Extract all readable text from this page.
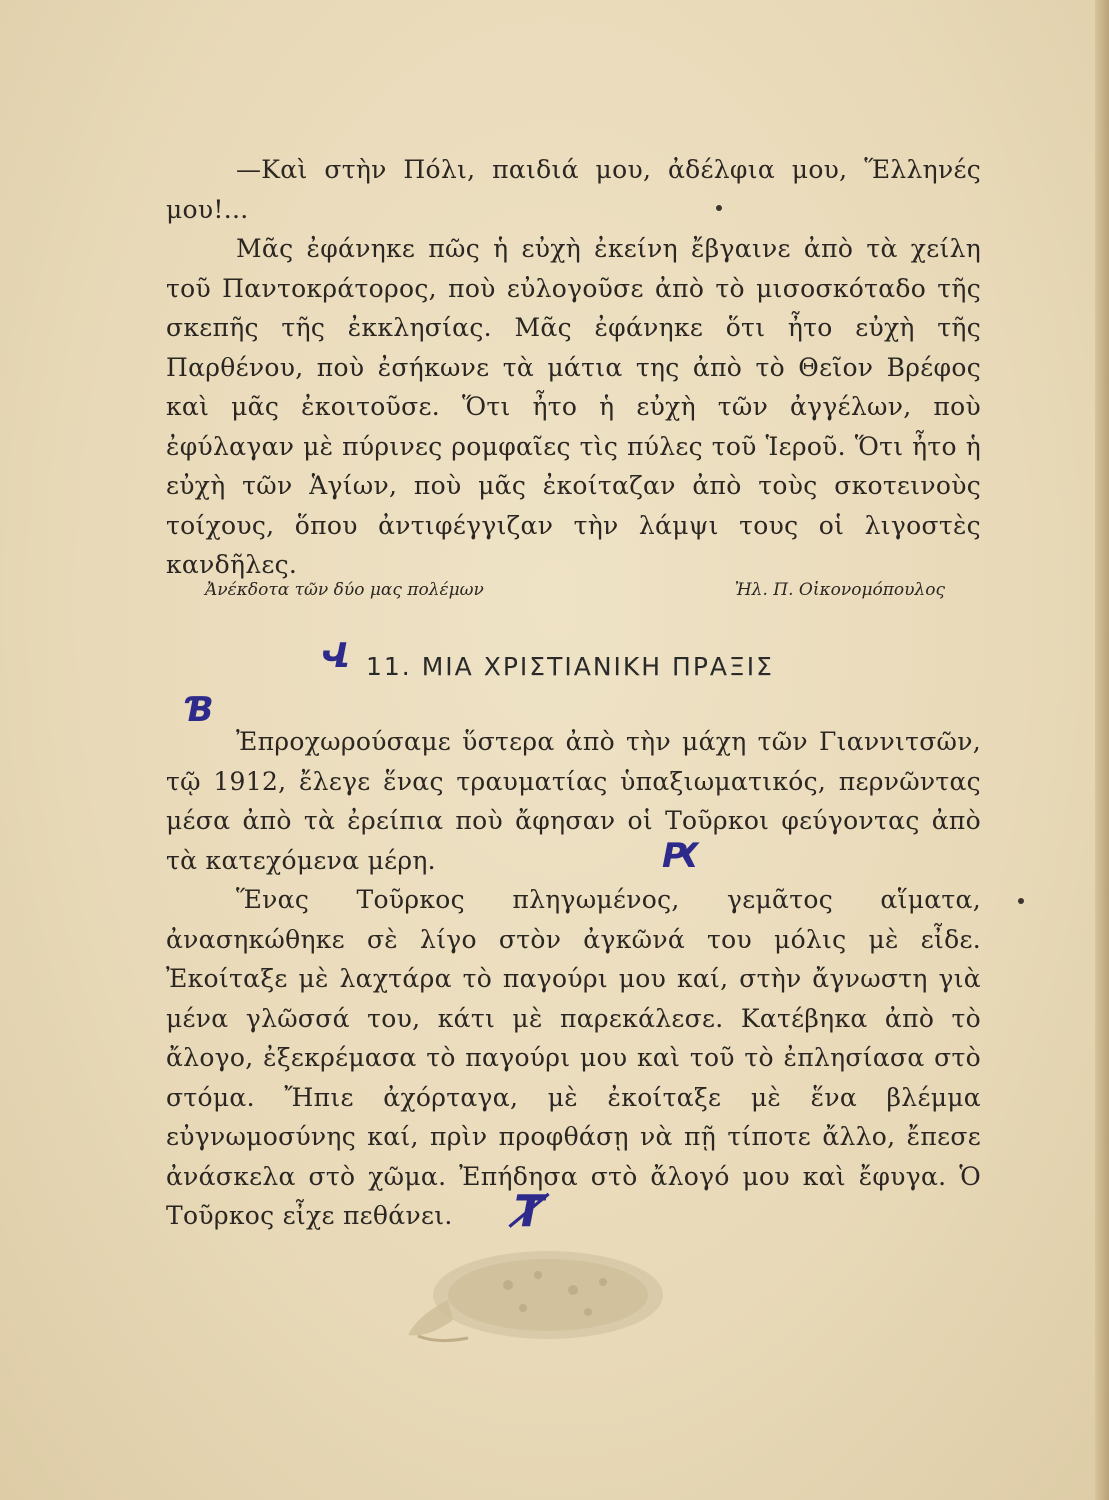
—Καὶ στὴν Πόλι, παιδιά μου, ἀδέλφια μου, Ἕλληνές μου!...

Μᾶς ἐφάνηκε πῶς ἡ εὐχὴ ἐκείνη ἔβγαινε ἀπὸ τὰ χείλη τοῦ Παντοκράτορος, ποὺ εὐλογοῦσε ἀπὸ τὸ μισοσκόταδο τῆς σκεπῆς τῆς ἐκκλησίας. Μᾶς ἐφάνηκε ὅτι ἦτο εὐχὴ τῆς Παρθένου, ποὺ ἐσήκωνε τὰ μάτια της ἀπὸ τὸ Θεῖον Βρέφος καὶ μᾶς ἐκοιτοῦσε. Ὅτι ἦτο ἡ εὐχὴ τῶν ἀγγέλων, ποὺ ἐφύλαγαν μὲ πύρινες ρομφαῖες τὶς πύλες τοῦ Ἱεροῦ. Ὅτι ἦτο ἡ εὐχὴ τῶν Ἁγίων, ποὺ μᾶς ἐκοίταζαν ἀπὸ τοὺς σκοτεινοὺς τοίχους, ὅπου ἀντιφέγγιζαν τὴν λάμψι τους οἱ λιγοστὲς κανδῆλες.

Ἀνέκδοτα τῶν δύο μας πολέμων	Ἠλ. Π. Οἰκονομόπουλος
Վ 11. ΜΙΑ ΧΡΙΣΤΙΑΝΙΚΗ ΠΡΑΞΙΣ
Ɓ

Ἐπροχωρούσαμε ὕστερα ἀπὸ τὴν μάχη τῶν Γιαννιτσῶν, τῷ 1912, ἔλεγε ἕνας τραυματίας ὑπαξιωματικός, περνῶντας μέσα ἀπὸ τὰ ἐρείπια ποὺ ἄφησαν οἱ Τοῦρκοι φεύγοντας ἀπὸ τὰ κατεχόμενα μέρη.

Ἕνας Τοῦρκος πληγωμένος, γεμᾶτος αἵματα, ἀνασηκώθηκε σὲ λίγο στὸν ἀγκῶνά του μόλις μὲ εἶδε. Ἐκοίταξε μὲ λαχτάρα τὸ παγούρι μου καί, στὴν ἄγνωστη γιὰ μένα γλῶσσά του, κάτι μὲ παρεκάλεσε. Κατέβηκα ἀπὸ τὸ ἄλογο, ἐξεκρέμασα τὸ παγούρι μου καὶ τοῦ τὸ ἐπλησίασα στὸ στόμα. Ἤπιε ἀχόρταγα, μὲ ἐκοίταξε μὲ ἕνα βλέμμα εὐγνωμοσύνης καί, πρὶν προφθάσῃ νὰ πῇ τίποτε ἄλλο, ἔπεσε ἀνάσκελα στὸ χῶμα. Ἐπήδησα στὸ ἄλογό μου καὶ ἔφυγα. Ὁ Τοῦρκος εἶχε πεθάνει.

Ԗ
Ⱦ
